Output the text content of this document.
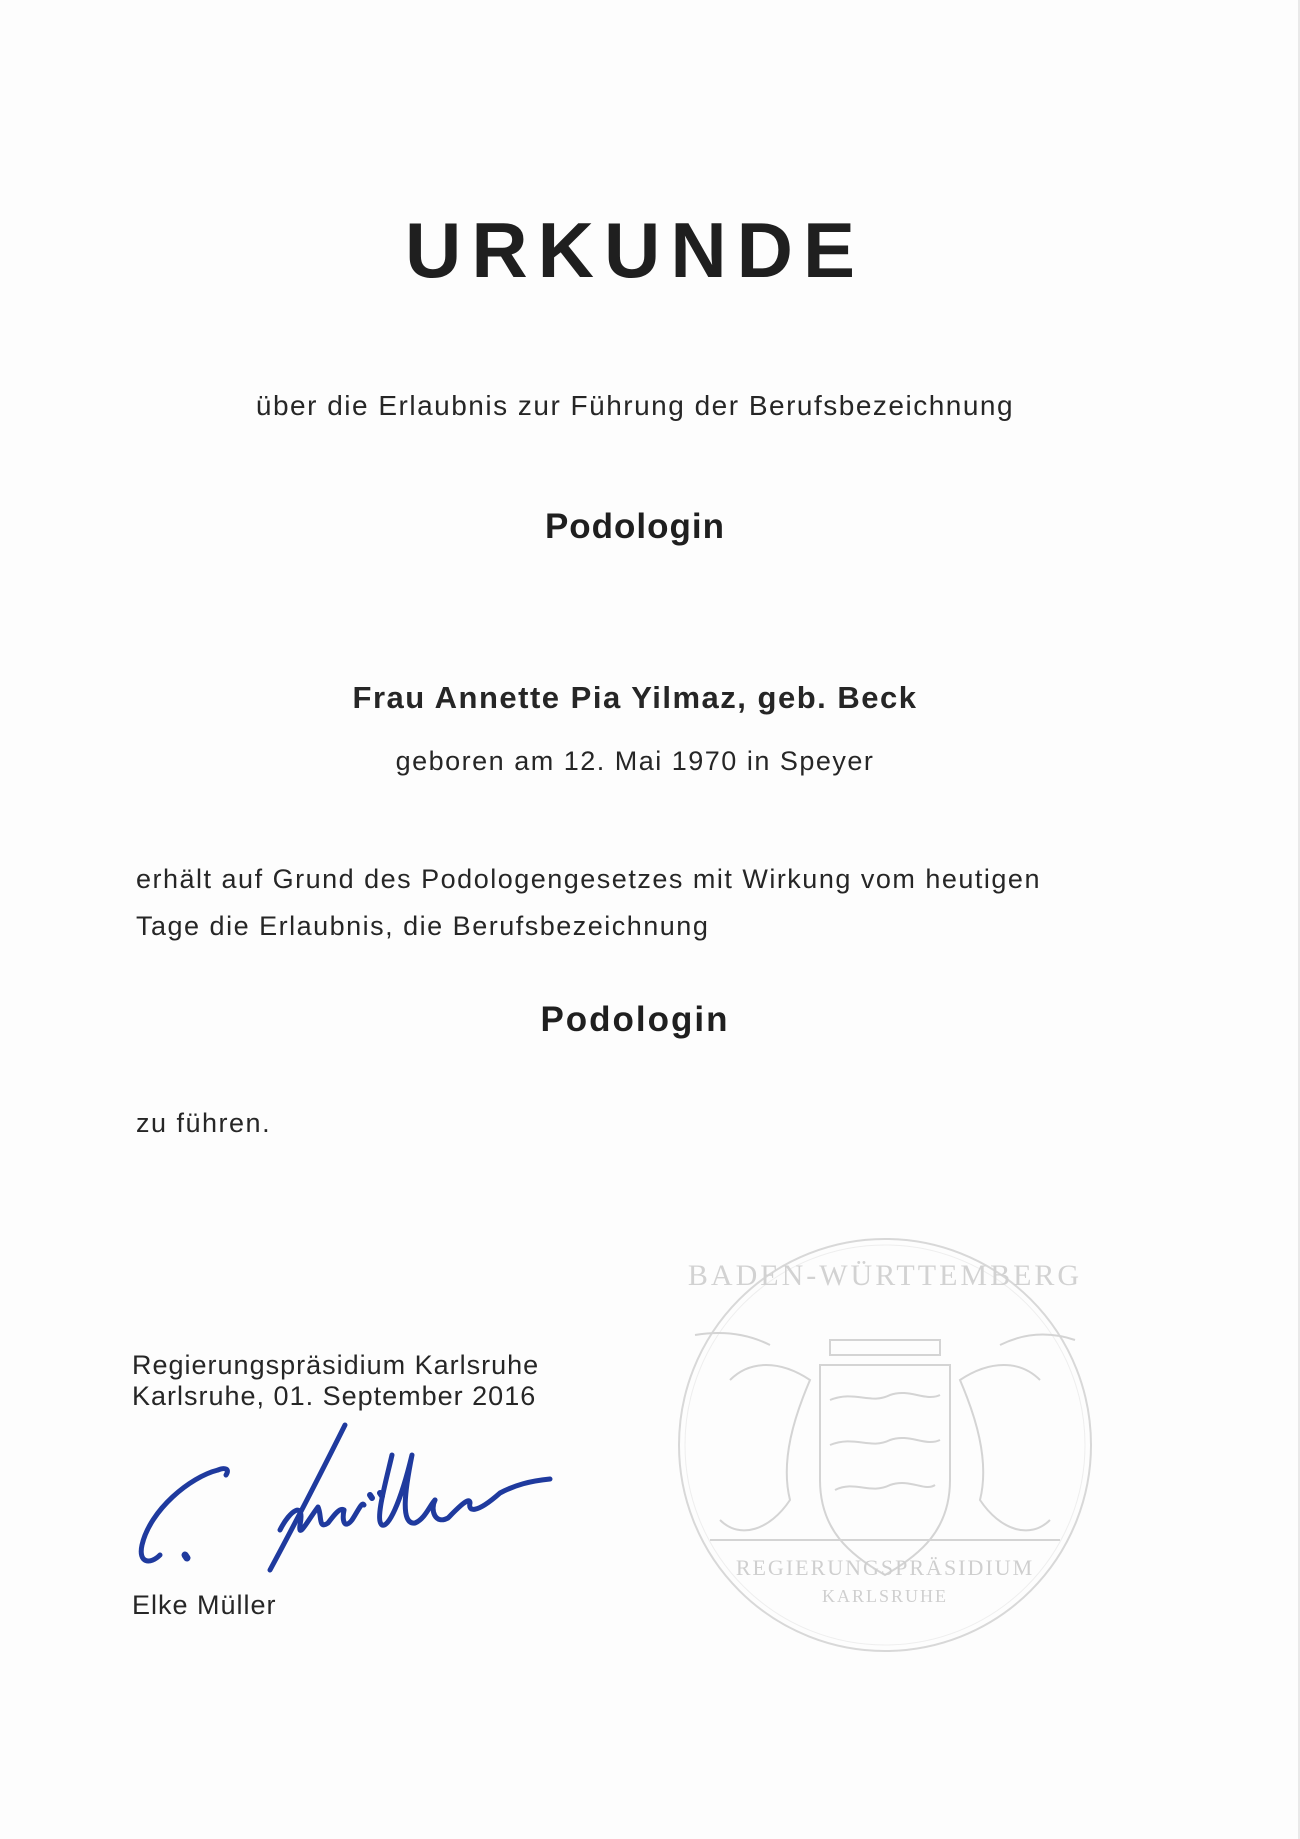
URKUNDE
über die Erlaubnis zur Führung der Berufsbezeichnung
Podologin
Frau Annette Pia Yilmaz, geb. Beck
geboren am 12. Mai 1970 in Speyer
erhält auf Grund des Podologengesetzes mit Wirkung vom heutigen
Tage die Erlaubnis, die Berufsbezeichnung
Podologin
zu führen.
Regierungspräsidium Karlsruhe
Karlsruhe, 01. September 2016
Elke Müller
BADEN-WÜRTTEMBERG
REGIERUNGSPRÄSIDIUM
KARLSRUHE
